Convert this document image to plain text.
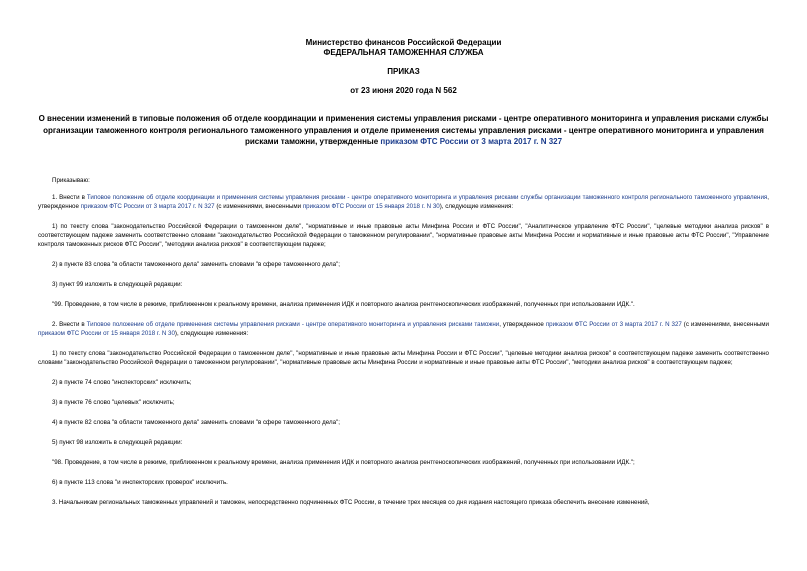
Министерство финансов Российской Федерации
ФЕДЕРАЛЬНАЯ ТАМОЖЕННАЯ СЛУЖБА
ПРИКАЗ
от 23 июня 2020 года N 562
О внесении изменений в типовые положения об отделе координации и применения системы управления рисками - центре оперативного мониторинга и управления рисками службы организации таможенного контроля регионального таможенного управления и отделе применения системы управления рисками - центре оперативного мониторинга и управления рисками таможни, утвержденные приказом ФТС России от 3 марта 2017 г. N 327

Приказываю:

1. Внести в Типовое положение об отделе координации и применения системы управления рисками - центре оперативного мониторинга и управления рисками службы организации таможенного контроля регионального таможенного управления, утвержденное приказом ФТС России от 3 марта 2017 г. N 327 (с изменениями, внесенными приказом ФТС России от 15 января 2018 г. N 30), следующие изменения:

1) по тексту слова "законодательство Российской Федерации о таможенном деле", "нормативные и иные правовые акты Минфина России и ФТС России", "Аналитическое управление ФТС России", "целевые методики анализа рисков" в соответствующем падеже заменить соответственно словами "законодательство Российской Федерации о таможенном регулировании", "нормативные правовые акты Минфина России и нормативные и иные правовые акты ФТС России", "Управление контроля таможенных рисков ФТС России", "методики анализа рисков" в соответствующем падеже;

2) в пункте 83 слова "в области таможенного дела" заменить словами "в сфере таможенного дела";

3) пункт 99 изложить в следующей редакции:

"99. Проведение, в том числе в режиме, приближенном к реальному времени, анализа применения ИДК и повторного анализа рентгеноскопических изображений, полученных при использовании ИДК.".

2. Внести в Типовое положение об отделе применения системы управления рисками - центре оперативного мониторинга и управления рисками таможни, утвержденное приказом ФТС России от 3 марта 2017 г. N 327 (с изменениями, внесенными приказом ФТС России от 15 января 2018 г. N 30), следующие изменения:

1) по тексту слова "законодательство Российской Федерации о таможенном деле", "нормативные и иные правовые акты Минфина России и ФТС России", "целевые методики анализа рисков" в соответствующем падеже заменить соответственно словами "законодательство Российской Федерации о таможенном регулировании", "нормативные правовые акты Минфина России и нормативные и иные правовые акты ФТС России", "методики анализа рисков" в соответствующем падеже;

2) в пункте 74 слово "инспекторских" исключить;

3) в пункте 76 слово "целевых" исключить;

4) в пункте 82 слова "в области таможенного дела" заменить словами "в сфере таможенного дела";

5) пункт 98 изложить в следующей редакции:

"98. Проведение, в том числе в режиме, приближенном к реальному времени, анализа применения ИДК и повторного анализа рентгеноскопических изображений, полученных при использовании ИДК.";

6) в пункте 113 слова "и инспекторских проверок" исключить.

3. Начальникам региональных таможенных управлений и таможен, непосредственно подчиненных ФТС России, в течение трех месяцев со дня издания настоящего приказа обеспечить внесение изменений,
